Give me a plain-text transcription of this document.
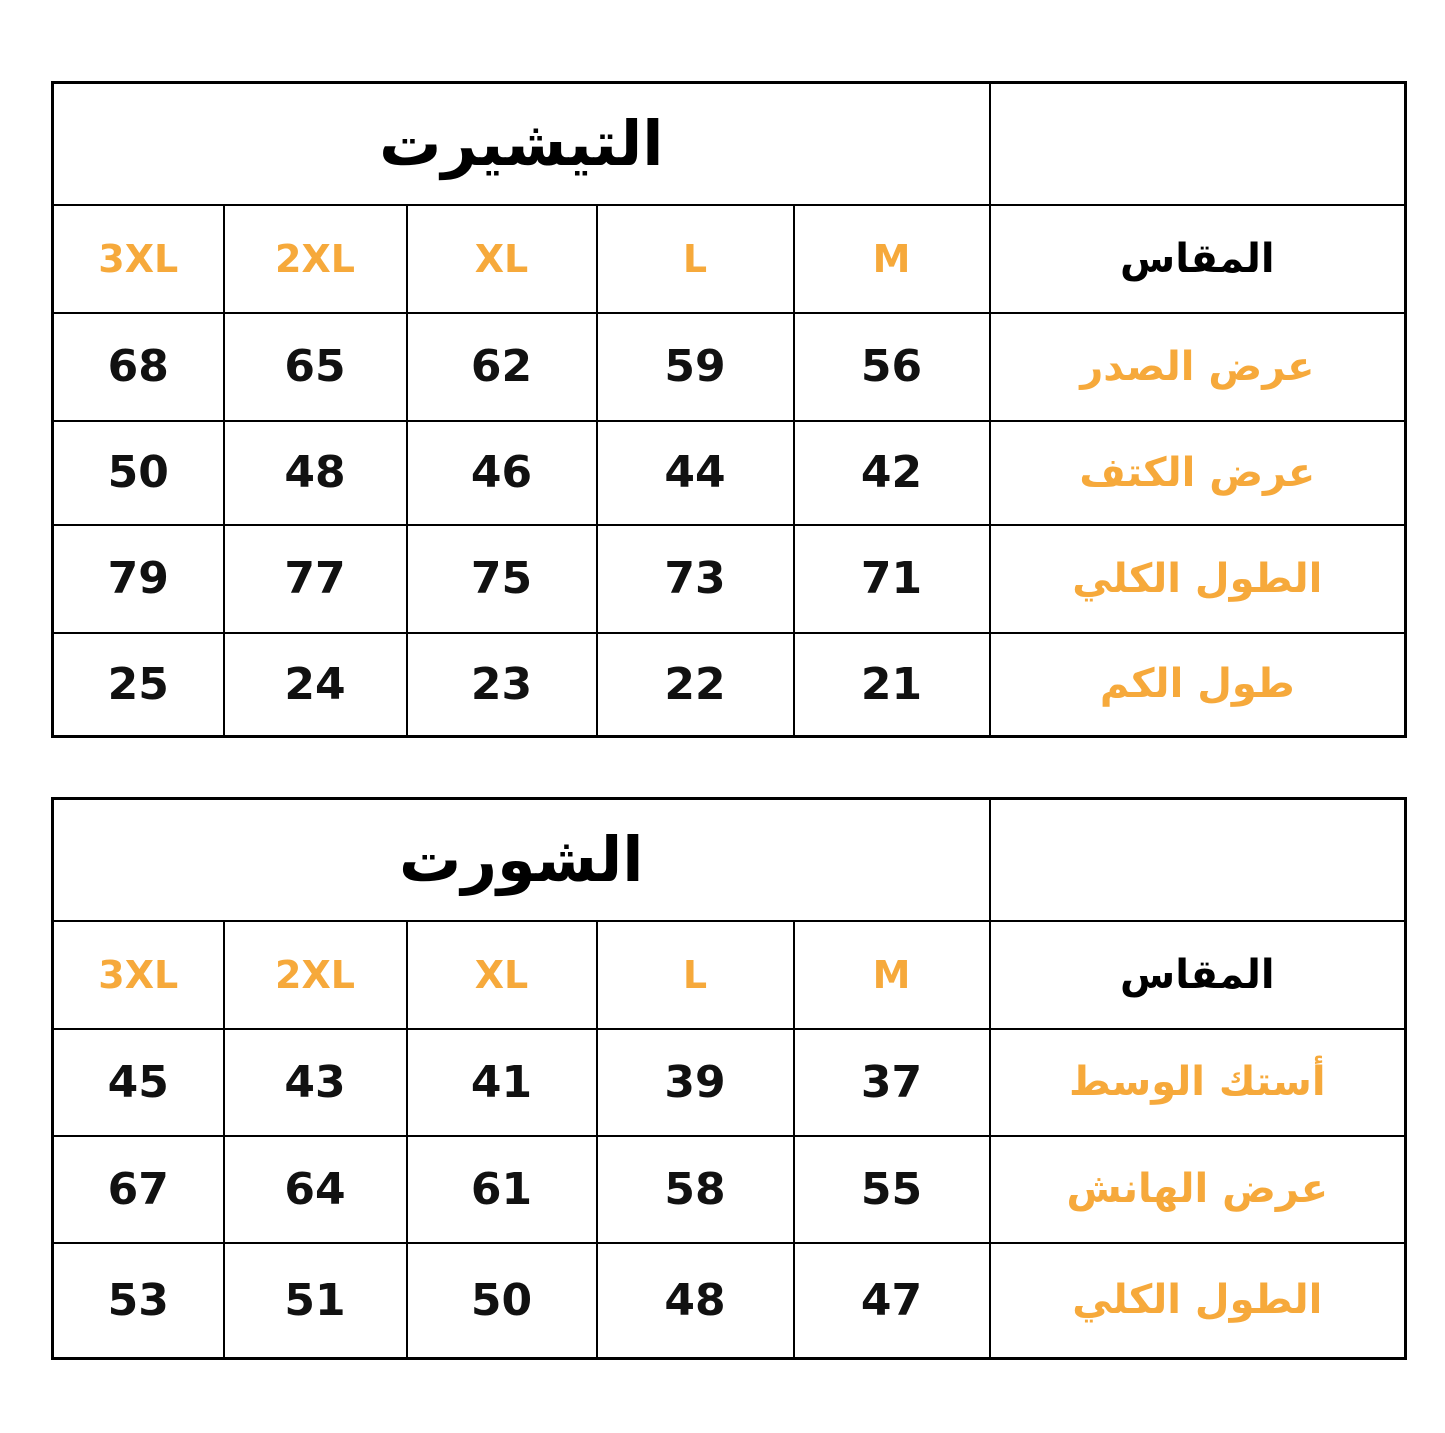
التيشيرت					
3XL	2XL	XL	L	M	المقاس
68	65	62	59	56	عرض الصدر
50	48	46	44	42	عرض الكتف
79	77	75	73	71	الطول الكلي
25	24	23	22	21	طول الكم
الشورت					
3XL	2XL	XL	L	M	المقاس
45	43	41	39	37	أستك الوسط
67	64	61	58	55	عرض الهانش
53	51	50	48	47	الطول الكلي
